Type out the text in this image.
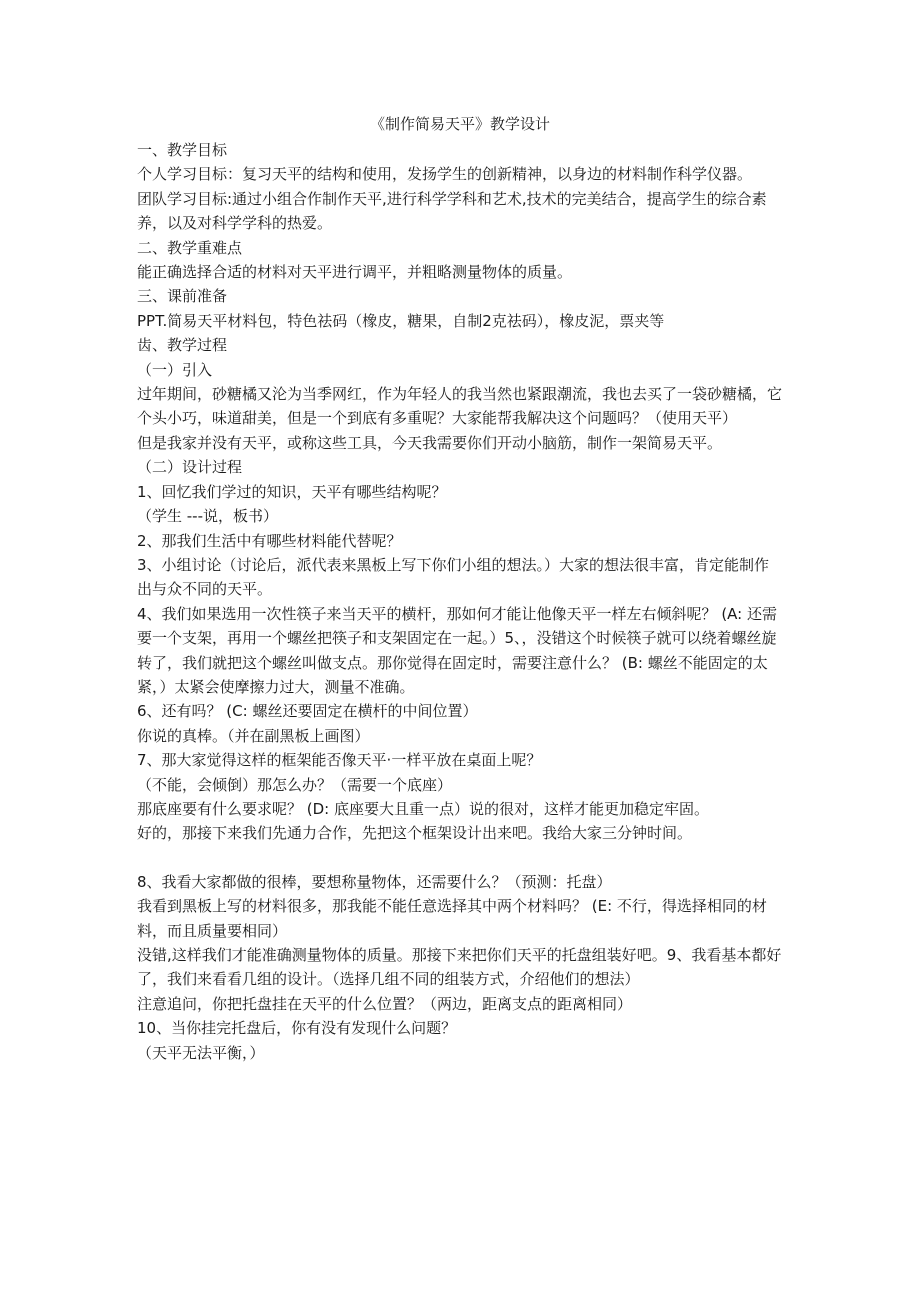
《制作简易天平》教学设计
一、教学目标
个人学习目标：复习天平的结构和使用，发扬学生的创新精神，以身边的材料制作科学仪器。
团队学习目标:通过小组合作制作天平,进行科学学科和艺术,技术的完美结合，提高学生的综合素养，以及对科学学科的热爱。
二、教学重难点
能正确选择合适的材料对天平进行调平，并粗略测量物体的质量。
三、课前准备
PPT.简易天平材料包，特色祛码（橡皮，糖果，自制2克祛码），橡皮泥，票夹等
齿、教学过程
（一）引入
过年期间，砂糖橘又沦为当季网红，作为年轻人的我当然也紧跟潮流，我也去买了一袋砂糖橘，它个头小巧，味道甜美，但是一个到底有多重呢？大家能帮我解决这个问题吗？（使用天平）
但是我家并没有天平，或称这些工具，今天我需要你们开动小脑筋，制作一架简易天平。
（二）设计过程
1、回忆我们学过的知识，天平有哪些结构呢？
（学生 ---说，板书）
2、那我们生活中有哪些材料能代替呢？
3、小组讨论（讨论后，派代表来黑板上写下你们小组的想法。）大家的想法很丰富，肯定能制作出与众不同的天平。
4、我们如果选用一次性筷子来当天平的横杆，那如何才能让他像天平一样左右倾斜呢？ (A: 还需要一个支架，再用一个螺丝把筷子和支架固定在一起。）5、，没错这个时候筷子就可以绕着螺丝旋转了，我们就把这个螺丝叫做支点。那你觉得在固定时，需要注意什么？ (B: 螺丝不能固定的太紧，）太紧会使摩擦力过大，测量不准确。
6、还有吗？ (C: 螺丝还要固定在横杆的中间位置）
你说的真棒。（并在副黑板上画图）
7、那大家觉得这样的框架能否像天平·一样平放在桌面上呢？
（不能，会倾倒）那怎么办？（需要一个底座）
那底座要有什么要求呢？ (D: 底座要大且重一点）说的很对，这样才能更加稳定牢固。
好的，那接下来我们先通力合作，先把这个框架设计出来吧。我给大家三分钟时间。
8、我看大家都做的很棒，要想称量物体，还需要什么？（预测：托盘）
我看到黑板上写的材料很多，那我能不能任意选择其中两个材料吗？ (E: 不行，得选择相同的材料，而且质量要相同）
没错,这样我们才能准确测量物体的质量。那接下来把你们天平的托盘组装好吧。9、我看基本都好了，我们来看看几组的设计。（选择几组不同的组装方式，介绍他们的想法）
注意追问，你把托盘挂在天平的什么位置？（两边，距离支点的距离相同）
10、当你挂完托盘后，你有没有发现什么问题？
（天平无法平衡，）
